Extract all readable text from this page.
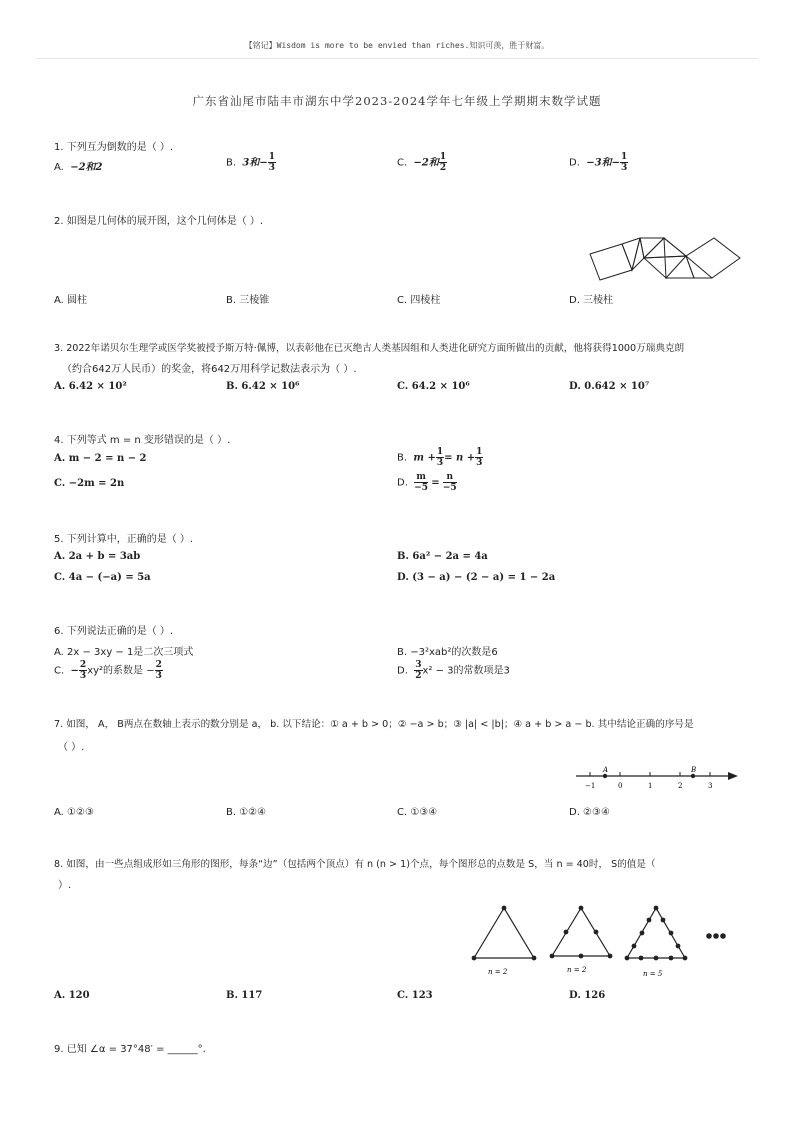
【铭记】Wisdom is more to be envied than riches.知识可羡，胜于财富。
广东省汕尾市陆丰市湖东中学2023-2024学年七年级上学期期末数学试题
1. 下列互为倒数的是（ ）.
A. −2和2	B. 3和− $\frac{1}{3}$	C. −2和 $\frac{1}{2}$	D. −3和− $\frac{1}{3}$
2. 如图是几何体的展开图，这个几何体是（ ）.
A. 圆柱	B. 三棱锥	C. 四棱柱	D. 三棱柱
3. 2022年诺贝尔生理学或医学奖被授予斯万特·佩博，以表彰他在已灭绝古人类基因组和人类进化研究方面所做出的贡献，他将获得1000万瑞典克朗
（约合642万人民币）的奖金，将642万用科学记数法表示为（ ）.
A. 6.42 × 10²	B. 6.42 × 10⁶	C. 64.2 × 10⁶	D. 0.642 × 10⁷
4. 下列等式 m = n 变形错误的是（ ）.
A. m − 2 = n − 2	B. $m + \frac{1}{3} = n + \frac{1}{3}$
C. −2m = 2n	D. $\frac{m}{-5} = \frac{n}{-5}$
5. 下列计算中，正确的是（ ）.
A. 2a + b = 3ab	B. 6a² − 2a = 4a
C. 4a − (−a) = 5a	D. (3 − a) − (2 − a) = 1 − 2a
6. 下列说法正确的是（ ）.
A. 2x − 3xy − 1是二次三项式	B. −3²xab²的次数是6
C. − $\frac{2}{3} xy^2$的系数是 − $\frac{2}{3}$	D. $\frac{3}{2} x^2 - 3$的常数项是3
7. 如图， A， B两点在数轴上表示的数分别是 a， b. 以下结论：① a + b > 0；② −a > b；③ |a| < |b|；④ a + b > a − b. 其中结论正确的序号是
（ ）.
A	B
−1	0	1	2	3
A. ①②③	B. ①②④	C. ①③④	D. ②③④
8. 如图，由一些点组成形如三角形的图形，每条“边”（包括两个顶点）有 n (n > 1)个点，每个图形总的点数是 S，当 n = 40时， S的值是（
）.
n = 2	n = 2	n = 5
A. 120	B. 117	C. 123	D. 126
9. 已知 ∠α = 37°48′ = ______°.
